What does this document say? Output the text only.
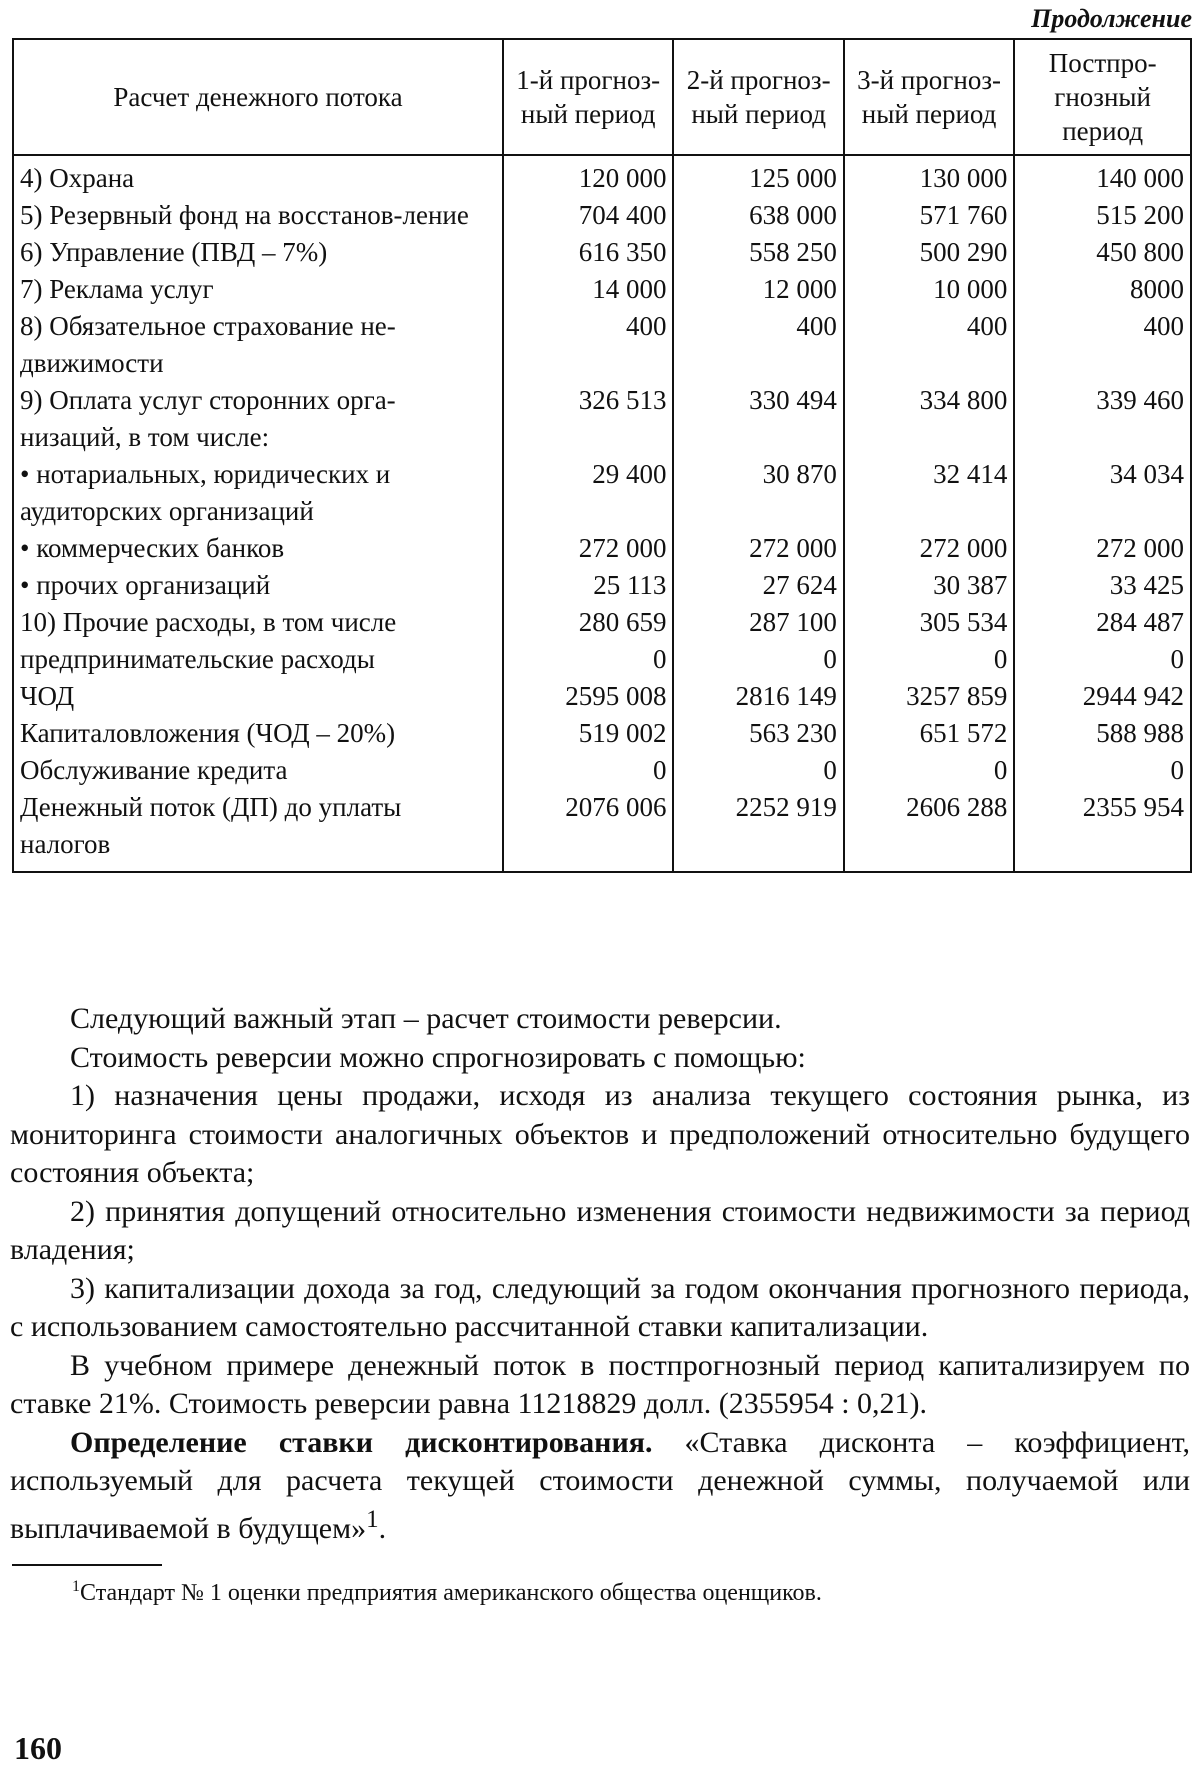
Продолжение
Расчет денежного потока	1-й прогноз-ный период	2-й прогноз-ный период	3-й прогноз-ный период	Постпро-гнозный период
4) Охрана	120 000	125 000	130 000	140 000
5) Резервный фонд на восстанов-ление	704 400	638 000	571 760	515 200
6) Управление (ПВД – 7%)	616 350	558 250	500 290	450 800
7) Реклама услуг	14 000	12 000	10 000	8000
8) Обязательное страхование не-движимости	400	400	400	400
9) Оплата услуг сторонних орга-низаций, в том числе:	326 513	330 494	334 800	339 460
• нотариальных, юридических и аудиторских организаций	29 400	30 870	32 414	34 034
• коммерческих банков	272 000	272 000	272 000	272 000
• прочих организаций	25 113	27 624	30 387	33 425
10) Прочие расходы, в том числе	280 659	287 100	305 534	284 487
предпринимательские расходы	0	0	0	0
ЧОД	2595 008	2816 149	3257 859	2944 942
Капиталовложения (ЧОД – 20%)	519 002	563 230	651 572	588 988
Обслуживание кредита	0	0	0	0
Денежный поток (ДП) до уплаты налогов	2076 006	2252 919	2606 288	2355 954

Следующий важный этап – расчет стоимости реверсии.

Стоимость реверсии можно спрогнозировать с помощью:

1) назначения цены продажи, исходя из анализа текущего состояния рынка, из мониторинга стоимости аналогичных объектов и предположений относительно будущего состояния объекта;

2) принятия допущений относительно изменения стоимости недвижимости за период владения;

3) капитализации дохода за год, следующий за годом окончания прогнозного периода, с использованием самостоятельно рассчитанной ставки капитализации.

В учебном примере денежный поток в постпрогнозный период капитализируем по ставке 21%. Стоимость реверсии равна 11218829 долл. (2355954 : 0,21).

Определение ставки дисконтирования. «Ставка дисконта – коэффициент, используемый для расчета текущей стоимости денежной суммы, получаемой или выплачиваемой в будущем»$^1$.

$^1$Стандарт № 1 оценки предприятия американского общества оценщиков.
160
